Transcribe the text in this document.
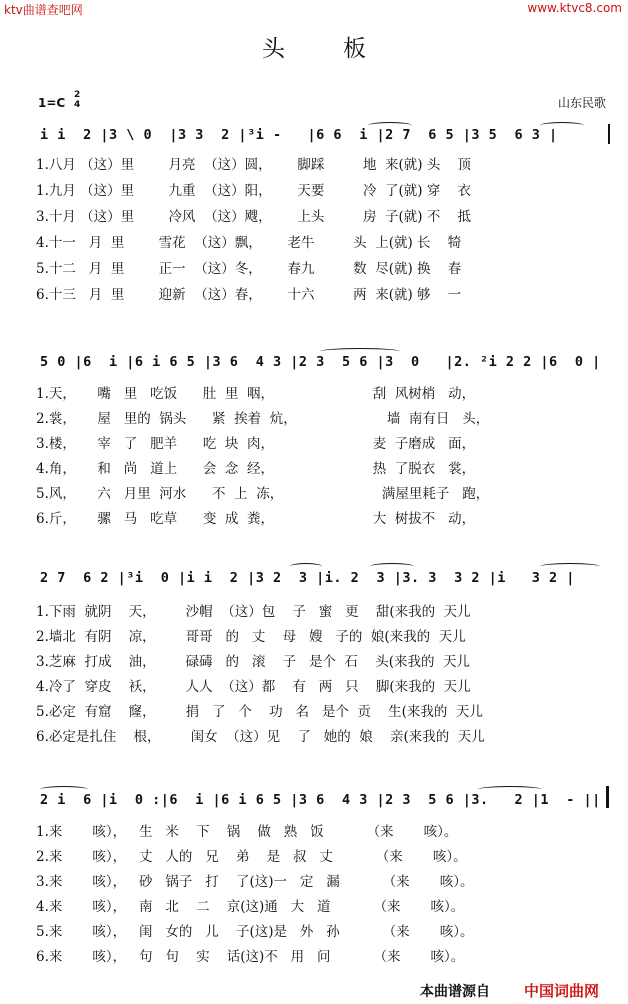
ktv曲谱查吧网	www.ktvc8.com
头板
1=C
2
4	山东民歌
i i  2 |3 \ 0  |3 3  2 |³i -   |6 6  i |2 7  6 5 |3 5  6 3 |
1.八月 （这）里        月亮  （这）圆，      脚踩         地  来(就) 头    顶
1.九月 （这）里        九重  （这）阳，      天要         冷  了(就) 穿    衣
3.十月 （这）里        冷风  （这）飕，      上头         房  子(就) 不    抵
4.十一   月  里        雪花  （这）飘，      老牛         头  上(就) 长    犄
5.十二   月  里        正一  （这）冬，      春九         数  尽(就) 换    春
6.十三   月  里        迎新  （这）春，      十六         两  来(就) 够    一
5 0 |6  i |6 i 6 5 |3 6  4 3 |2 3  5 6 |3  0   |2. ²i 2 2 |6  0 |
1.天，     嘴   里   吃饭      肚  里  咽，                       刮  风树梢   动，
2.裳，     屋   里的  锅头      紧  挨着  炕，                     墙  南有日   头，
3.楼，     宰   了   肥羊      吃  块  肉，                       麦  子磨成   面，
4.角，     和   尚   道上      会  念  经，                       热  了脱衣   裳，
5.风，     六   月里  河水      不  上  冻，                       满屋里耗子   跑，
6.斤，     骡   马   吃草      变  成  粪，                       大  树拔不   动，
2 7  6 2 |³i  0 |i i  2 |3 2  3 |i. 2  3 |3. 3  3 2 |i   3 2 |
1.下雨  就阴    天，       沙帽  （这）包    子   蜜   更    甜(来我的  天儿
2.墙北  有阴    凉，       哥哥   的   丈    母   嫂   子的  娘(来我的  天儿
3.芝麻  打成    油，       碌碡   的   滚    子   是个  石    头(来我的  天儿
4.冷了  穿皮    袄，       人人  （这）都    有   两   只    脚(来我的  天儿
5.必定  有窟    窿，       捐   了   个    功   名   是个  贡    生(来我的  天儿
6.必定是扎住    根，       闺女  （这）见    了   她的  娘    亲(来我的  天儿
2 i  6 |i  0 :|6  i |6 i 6 5 |3 6  4 3 |2 3  5 6 |3.   2 |1  - ||
1.来       咳），   生   米    下    锅    做   熟   饭          （来       咳）。
2.来       咳），   丈   人的   兄    弟    是   叔   丈          （来       咳）。
3.来       咳），   砂   锅子   打    了(这)一   定   漏          （来       咳）。
4.来       咳），   南   北    二    京(这)通   大   道          （来       咳）。
5.来       咳），   闺   女的   儿    子(这)是   外   孙          （来       咳）。
6.来       咳），   句   句    实    话(这)不   用   问          （来       咳）。
本曲谱源自 中国词曲网
